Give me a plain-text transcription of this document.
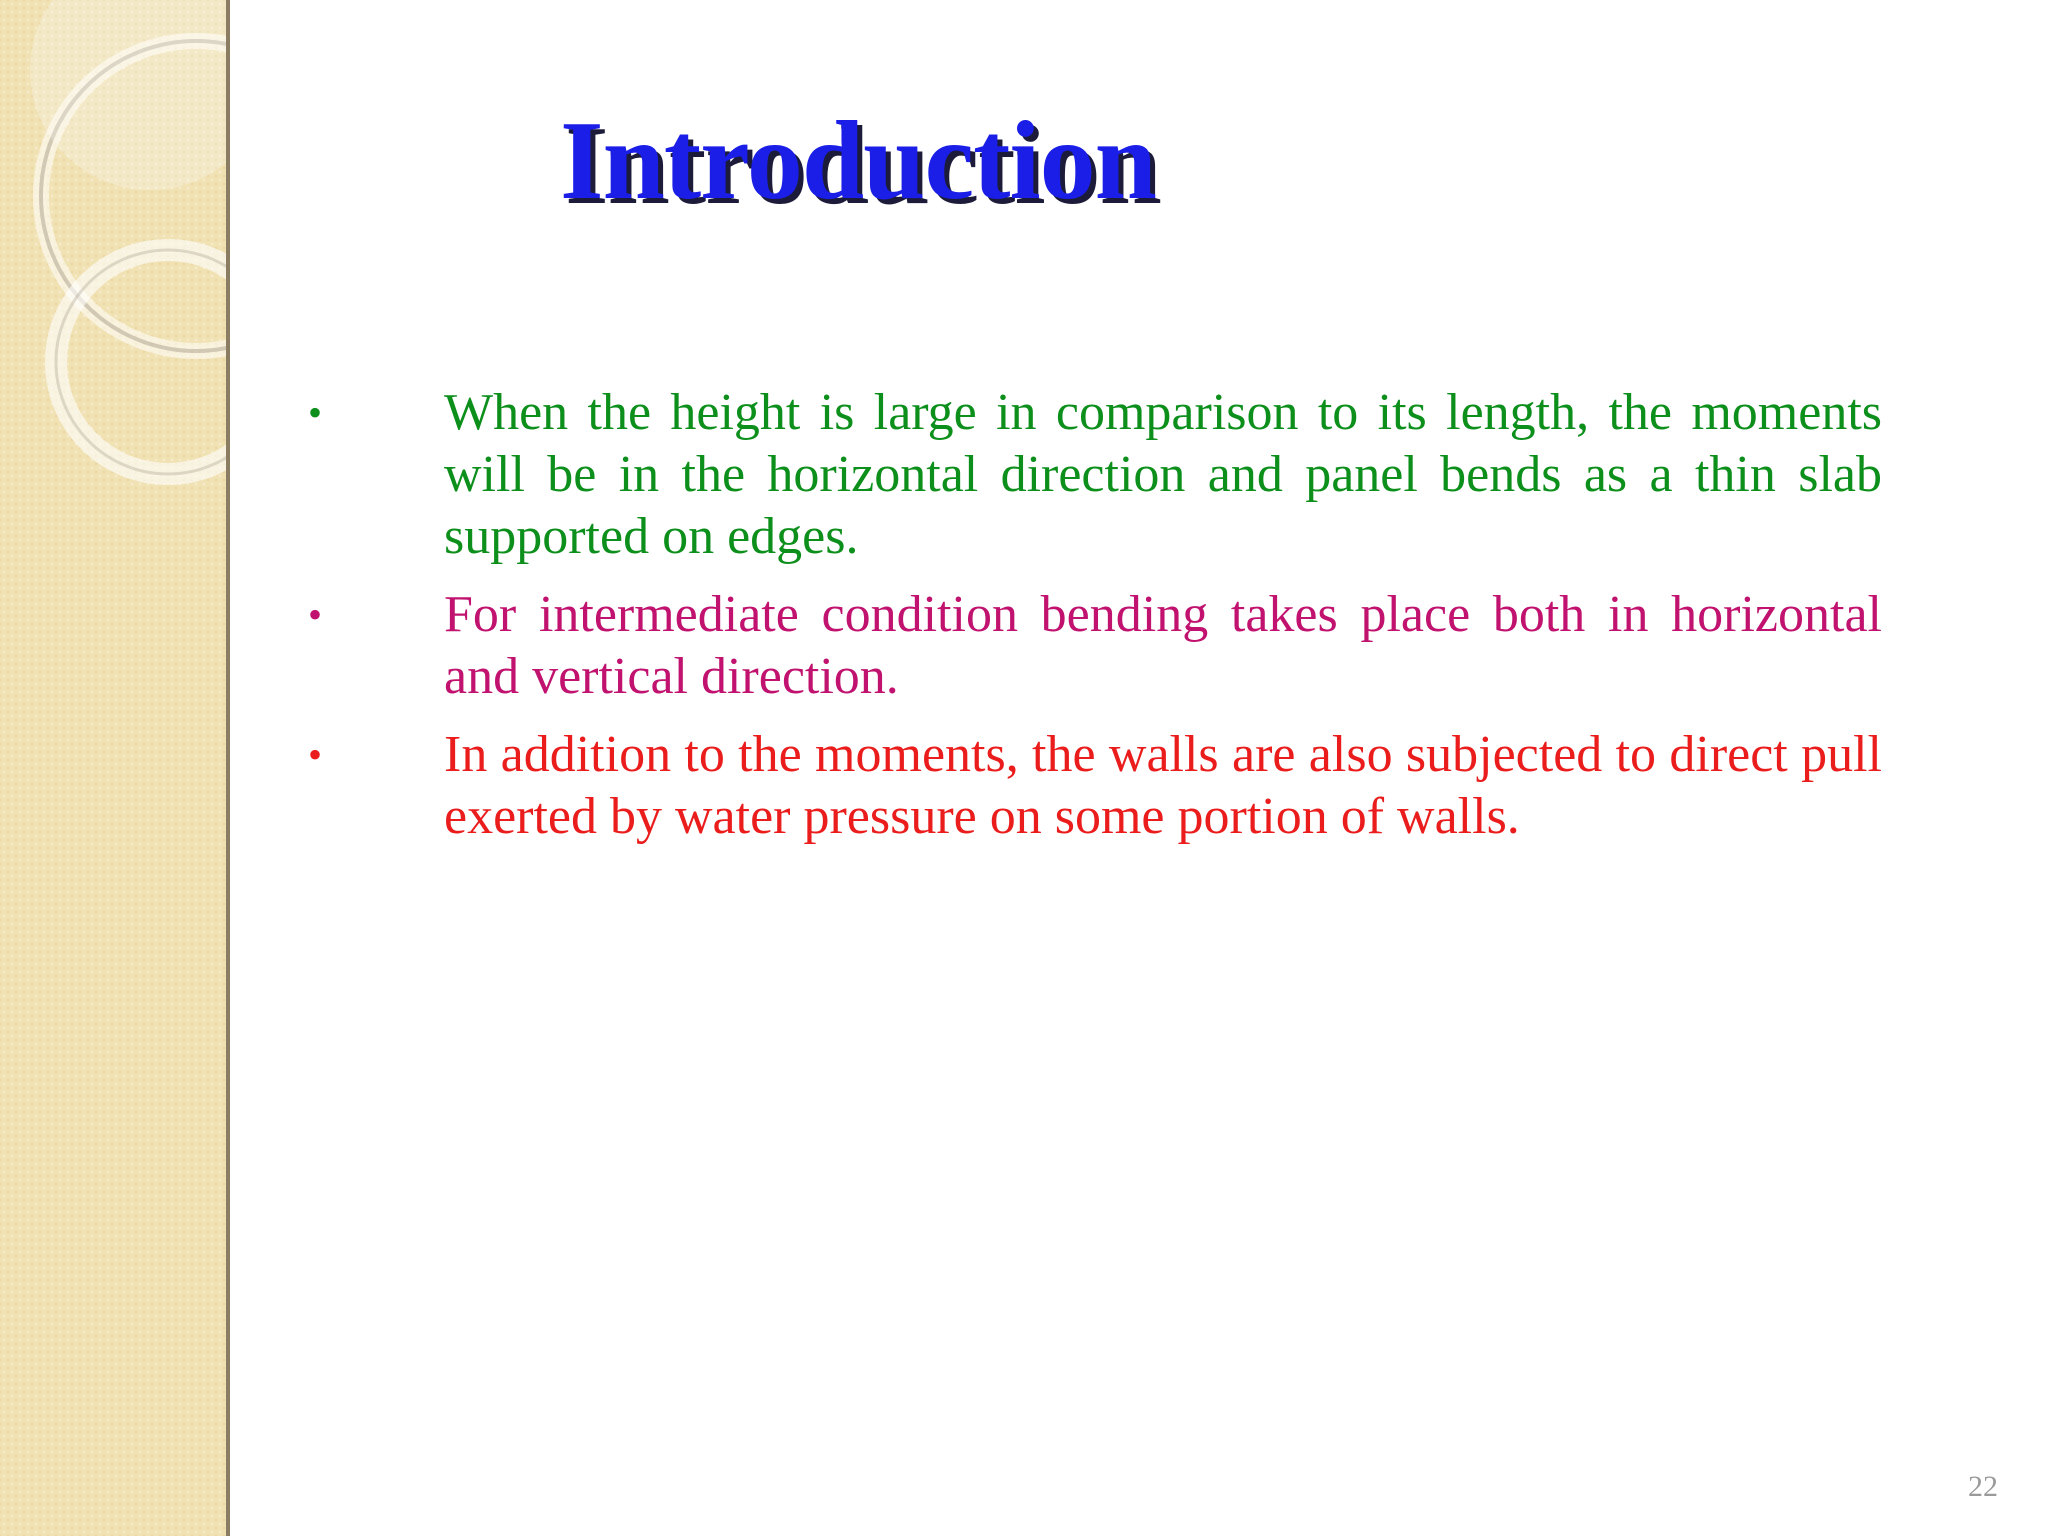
Introduction
•	When the height is large in comparison to its length, the moments will be in the horizontal direction and panel bends as a thin slab supported on edges.
•	For intermediate condition bending takes place both in horizontal and vertical direction.
•	In addition to the moments, the walls are also subjected to direct pull exerted by water pressure on some portion of walls.
22
